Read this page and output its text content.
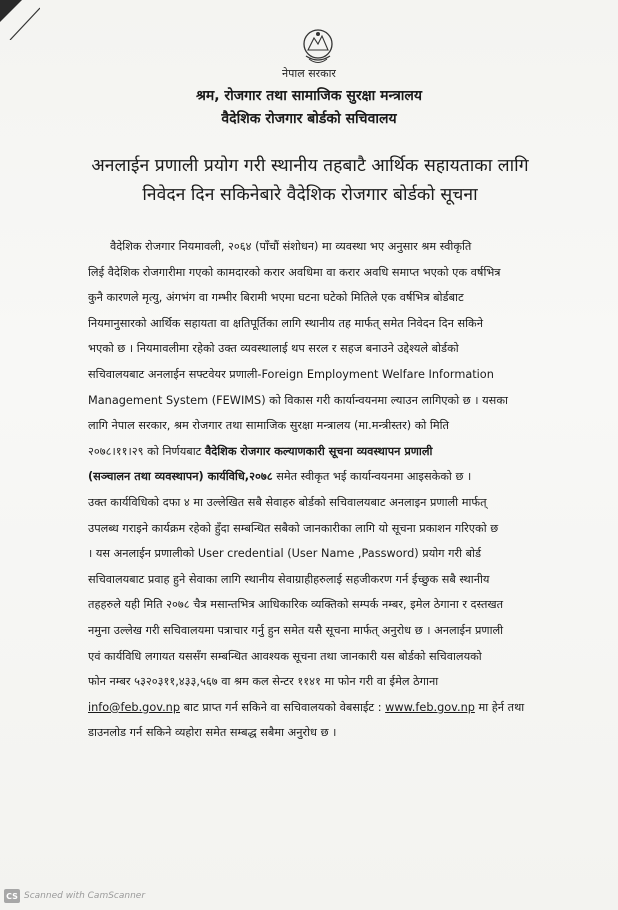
नेपाल सरकार
श्रम, रोजगार तथा सामाजिक सुरक्षा मन्त्रालय
वैदेशिक रोजगार बोर्डको सचिवालय
अनलाईन प्रणाली प्रयोग गरी स्थानीय तहबाटै आर्थिक सहायताका लागि
निवेदन दिन सकिनेबारे वैदेशिक रोजगार बोर्डको सूचना
वैदेशिक रोजगार नियमावली, २०६४ (पाँचौं संशोधन) मा व्यवस्था भए अनुसार श्रम स्वीकृति
लिई वैदेशिक रोजगारीमा गएको कामदारको करार अवधिमा वा करार अवधि समाप्त भएको एक वर्षभित्र
कुनै कारणले मृत्यु, अंगभंग वा गम्भीर बिरामी भएमा घटना घटेको मितिले एक वर्षभित्र बोर्डबाट
नियमानुसारको आर्थिक सहायता वा क्षतिपूर्तिका लागि स्थानीय तह मार्फत् समेत निवेदन दिन सकिने
भएको छ । नियमावलीमा रहेको उक्त व्यवस्थालाई थप सरल र सहज बनाउने उद्देश्यले बोर्डको
सचिवालयबाट अनलाईन सफ्टवेयर प्रणाली-Foreign Employment Welfare Information
Management System (FEWIMS) को विकास गरी कार्यान्वयनमा ल्याउन लागिएको छ । यसका
लागि नेपाल सरकार, श्रम रोजगार तथा सामाजिक सुरक्षा मन्त्रालय (मा.मन्त्रीस्तर) को मिति
२०७८।११।२९ को निर्णयबाट वैदेशिक रोजगार कल्याणकारी सूचना व्यवस्थापन प्रणाली
(सञ्चालन तथा व्यवस्थापन) कार्यविधि,२०७८ समेत स्वीकृत भई कार्यान्वयनमा आइसकेको छ ।
उक्त कार्यविधिको दफा ४ मा उल्लेखित सबै सेवाहरु बोर्डको सचिवालयबाट अनलाइन प्रणाली मार्फत्
उपलब्ध गराइने कार्यक्रम रहेको हुँदा सम्बन्धित सबैको जानकारीका लागि यो सूचना प्रकाशन गरिएको छ
। यस अनलाईन प्रणालीको User credential (User Name ,Password) प्रयोग गरी बोर्ड
सचिवालयबाट प्रवाह हुने सेवाका लागि स्थानीय सेवाग्राहीहरुलाई सहजीकरण गर्न ईच्छुक सबै स्थानीय
तहहरुले यही मिति २०७८ चैत्र मसान्तभित्र आधिकारिक व्यक्तिको सम्पर्क नम्बर, इमेल ठेगाना र दस्तखत
नमुना उल्लेख गरी सचिवालयमा पत्राचार गर्नु हुन समेत यसै सूचना मार्फत् अनुरोध छ । अनलाईन प्रणाली
एवं कार्यविधि लगायत यससँग सम्बन्धित आवश्यक सूचना तथा जानकारी यस बोर्डको सचिवालयको
फोन नम्बर ५३२०३११,४३३,५६७ वा श्रम कल सेन्टर ११४१ मा फोन गरी वा ईमेल ठेगाना
info@feb.gov.np बाट प्राप्त गर्न सकिने वा सचिवालयको वेबसाईट : www.feb.gov.np मा हेर्न तथा
डाउनलोड गर्न सकिने व्यहोरा समेत सम्बद्ध सबैमा अनुरोध छ ।
CS Scanned with CamScanner
